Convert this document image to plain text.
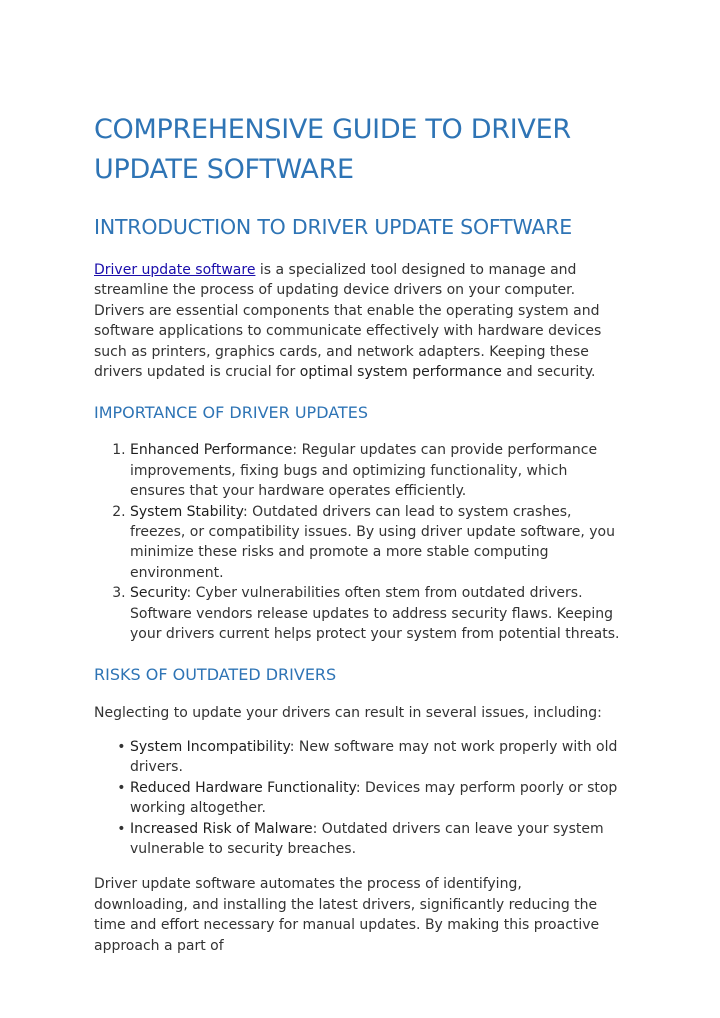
COMPREHENSIVE GUIDE TO DRIVER UPDATE SOFTWARE
INTRODUCTION TO DRIVER UPDATE SOFTWARE

Driver update software is a specialized tool designed to manage and streamline the process of updating device drivers on your computer. Drivers are essential components that enable the operating system and software applications to communicate effectively with hardware devices such as printers, graphics cards, and network adapters. Keeping these drivers updated is crucial for optimal system performance and security.

IMPORTANCE OF DRIVER UPDATES
1. Enhanced Performance: Regular updates can provide performance improvements, fixing bugs and optimizing functionality, which ensures that your hardware operates efficiently.
2. System Stability: Outdated drivers can lead to system crashes, freezes, or compatibility issues. By using driver update software, you minimize these risks and promote a more stable computing environment.
3. Security: Cyber vulnerabilities often stem from outdated drivers. Software vendors release updates to address security flaws. Keeping your drivers current helps protect your system from potential threats.
RISKS OF OUTDATED DRIVERS

Neglecting to update your drivers can result in several issues, including:

• System Incompatibility: New software may not work properly with old drivers.
• Reduced Hardware Functionality: Devices may perform poorly or stop working altogether.
• Increased Risk of Malware: Outdated drivers can leave your system vulnerable to security breaches.

Driver update software automates the process of identifying, downloading, and installing the latest drivers, significantly reducing the time and effort necessary for manual updates. By making this proactive approach a part of
